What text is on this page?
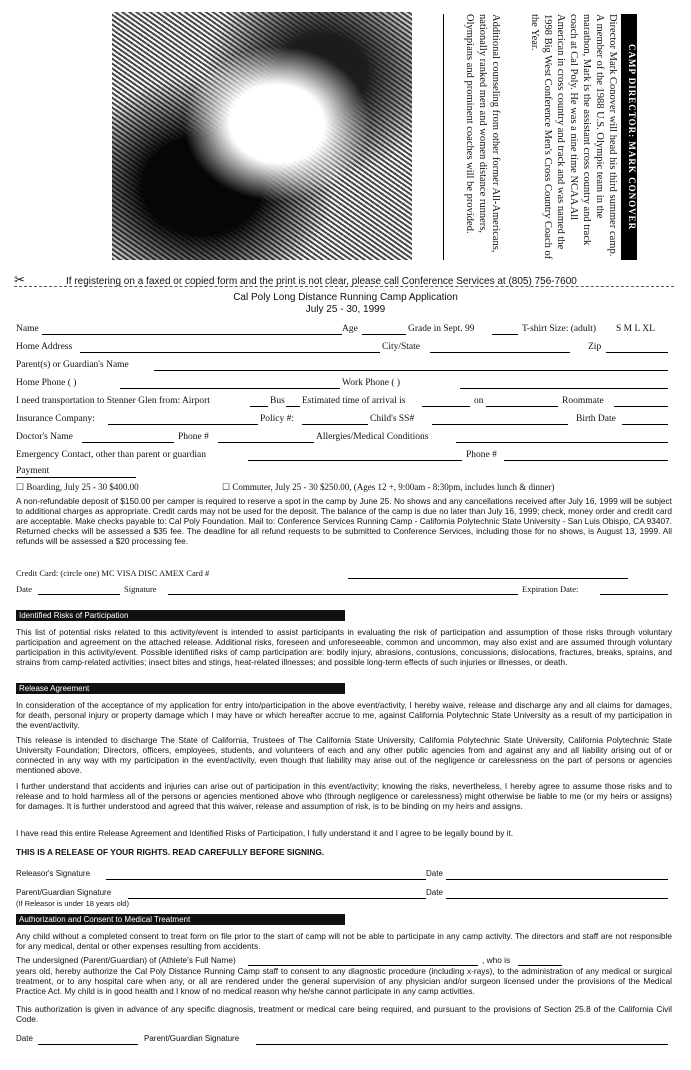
Additional counseling from other former All-Americans, nationally ranked men and women distance runners, Olympians and prominent coaches will be provided.	Director Mark Conover will head his third summer camp. A member of the 1988 U.S. Olympic team in the marathon, Mark is the assistant cross country and track coach at Cal Poly. He was a nine time NCAA All American in cross country and track and was named the 1998 Big West Conference Men's Cross Country Coach of the Year.
CAMP DIRECTOR: MARK CONOVER
✂	If registering on a faxed or copied form and the print is not clear, please call Conference Services at (805) 756-7600
Cal Poly Long Distance Running Camp Application
July 25 - 30, 1999
Name	Age	Grade in Sept. 99	T-shirt Size: (adult) S M L XL
Home Address	City/State	Zip
Parent(s) or Guardian's Name
Home Phone ( )	Work Phone ( )
I need transportation to Stenner Glen from: Airport	Bus Estimated time of arrival is	on	Roommate
Insurance Company:	Policy #:	Child's SS#	Birth Date
Doctor's Name	Phone #	Allergies/Medical Conditions
Emergency Contact, other than parent or guardian	Phone #
Payment
☐ Boarding, July 25 - 30 $400.00	☐ Commuter, July 25 - 30 $250.00, (Ages 12 +, 9:00am - 8:30pm, includes lunch & dinner)
A non-refundable deposit of $150.00 per camper is required to reserve a spot in the camp by June 25. No shows and any cancellations received after July 16, 1999 will be subject to additional charges as appropriate. Credit cards may not be used for the deposit. The balance of the camp is due no later than July 16, 1999; check, money order and credit card are acceptable. Make checks payable to: Cal Poly Foundation. Mail to: Conference Services Running Camp - California Polytechnic State University - San Luis Obispo, CA 93407. Returned checks will be assessed a $35 fee. The deadline for all refund requests to be submitted to Conference Services, including those for no shows, is August 13, 1999. All refunds will be assessed a $20 processing fee.
Credit Card: (circle one) MC VISA DISC AMEX Card #
Date	Signature	Expiration Date:
Identified Risks of Participation
This list of potential risks related to this activity/event is intended to assist participants in evaluating the risk of participation and assumption of those risks through voluntary participation and agreement on the attached release. Additional risks, foreseen and unforeseeable, common and uncommon, may also exist and are assumed through voluntary participation in this activity/event. Possible identified risks of camp participation are: bodily injury, abrasions, contusions, concussions, dislocations, fractures, breaks, sprains, and strains from camp-related activities; insect bites and stings, heat-related illnesses; and possible long-term effects of such injuries or illnesses, or death.
Release Agreement
In consideration of the acceptance of my application for entry into/participation in the above event/activity, I hereby waive, release and discharge any and all claims for damages, for death, personal injury or property damage which I may have or which hereafter accrue to me, against California Polytechnic State University as a result of my participation in the event/activity.
This release is intended to discharge The State of California, Trustees of The California State University, California Polytechnic State University, California Polytechnic State University Foundation; Directors, officers, employees, students, and volunteers of each and any other public agencies from and against any and all liability arising out of or connected in any way with my participation in the event/activity, even though that liability may arise out of the negligence or carelessness on the part of persons or agencies mentioned above.
I further understand that accidents and injuries can arise out of participation in this event/activity; knowing the risks, nevertheless, I hereby agree to assume those risks and to release and to hold harmless all of the persons or agencies mentioned above who (through negligence or carelessness) might otherwise be liable to me (or my heirs or assigns) for damages. It is further understood and agreed that this waiver, release and assumption of risk, is to be binding on my heirs and assigns.
I have read this entire Release Agreement and Identified Risks of Participation, I fully understand it and I agree to be legally bound by it.
THIS IS A RELEASE OF YOUR RIGHTS. READ CAREFULLY BEFORE SIGNING.
Releasor's Signature	Date
Parent/Guardian Signature	Date
(If Releasor is under 18 years old)
Authorization and Consent to Medical Treatment
Any child without a completed consent to treat form on file prior to the start of camp will not be able to participate in any camp activity. The directors and staff are not responsible for any medical, dental or other expenses resulting from accidents.
The undersigned (Parent/Guardian) of (Athlete's Full Name)	, who is
years old, hereby authorize the Cal Poly Distance Running Camp staff to consent to any diagnostic procedure (including x-rays), to the administration of any medical or surgical treatment, or to any hospital care when any, or all are rendered under the general supervision of any physician and/or surgeon licensed under the provisions of the Medical Practice Act. My child is in good health and I know of no medical reason why he/she cannot participate in any camp activities.
This authorization is given in advance of any specific diagnosis, treatment or medical care being required, and pursuant to the provisions of Section 25.8 of the California Civil Code.
Date	Parent/Guardian Signature
